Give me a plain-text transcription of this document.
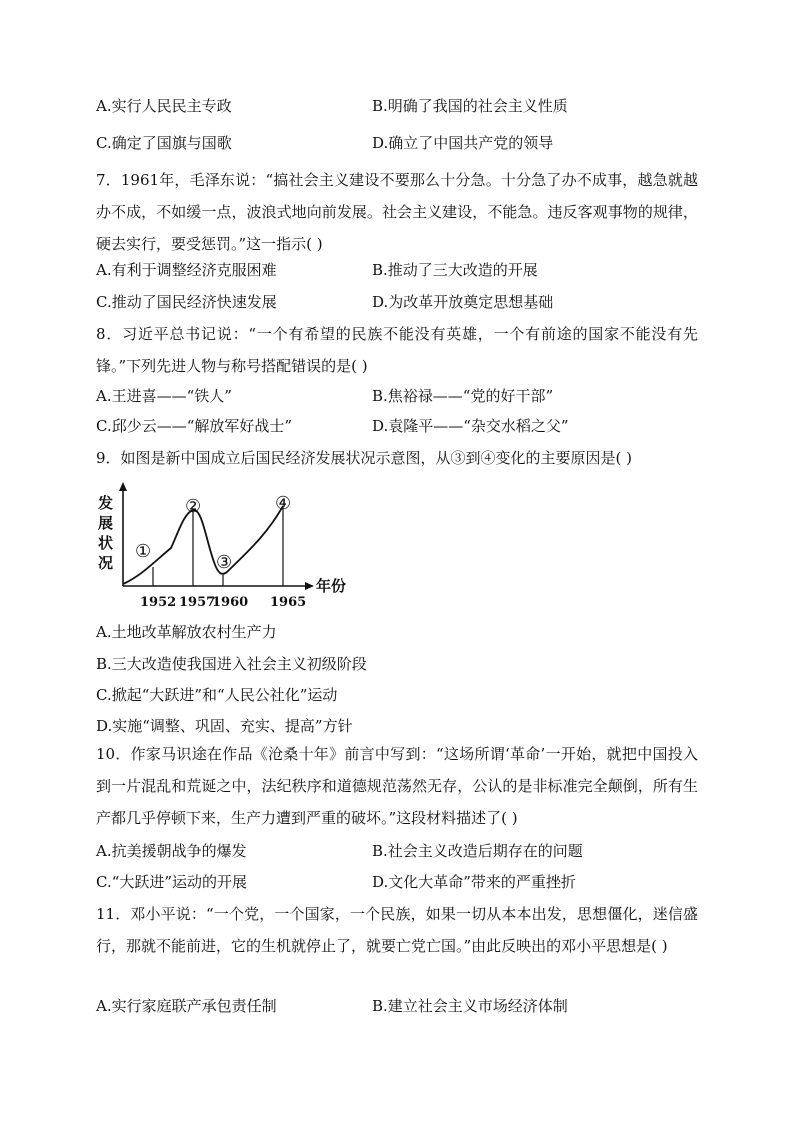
A.实行人民民主专政	B.明确了我国的社会主义性质
C.确定了国旗与国歌	D.确立了中国共产党的领导
7．1961年，毛泽东说：“搞社会主义建设不要那么十分急。十分急了办不成事，越急就越办不成，不如缓一点，波浪式地向前发展。社会主义建设，不能急。违反客观事物的规律，硬去实行，要受惩罚。”这一指示( )
A.有利于调整经济克服困难	B.推动了三大改造的开展
C.推动了国民经济快速发展	D.为改革开放奠定思想基础
8．习近平总书记说：“一个有希望的民族不能没有英雄，一个有前途的国家不能没有先锋。”下列先进人物与称号搭配错误的是( )
A.王进喜——“铁人”	B.焦裕禄——“党的好干部”
C.邱少云——“解放军好战士”	D.袁隆平——“杂交水稻之父”
9．如图是新中国成立后国民经济发展状况示意图，从③到④变化的主要原因是( )
发
展
状
况
年份
①
②
③
④
1952 1957
1960 1965
A.土地改革解放农村生产力
B.三大改造使我国进入社会主义初级阶段
C.掀起“大跃进”和“人民公社化”运动
D.实施“调整、巩固、充实、提高”方针
10．作家马识途在作品《沧桑十年》前言中写到：“这场所谓‘革命’一开始，就把中国投入到一片混乱和荒诞之中，法纪秩序和道德规范荡然无存，公认的是非标准完全颠倒，所有生产都几乎停顿下来，生产力遭到严重的破坏。”这段材料描述了( )
A.抗美援朝战争的爆发	B.社会主义改造后期存在的问题
C.“大跃进”运动的开展	D.文化大革命”带来的严重挫折
11．邓小平说：“一个党，一个国家，一个民族，如果一切从本本出发，思想僵化，迷信盛行，那就不能前进，它的生机就停止了，就要亡党亡国。”由此反映出的邓小平思想是( )
A.实行家庭联产承包责任制	B.建立社会主义市场经济体制
